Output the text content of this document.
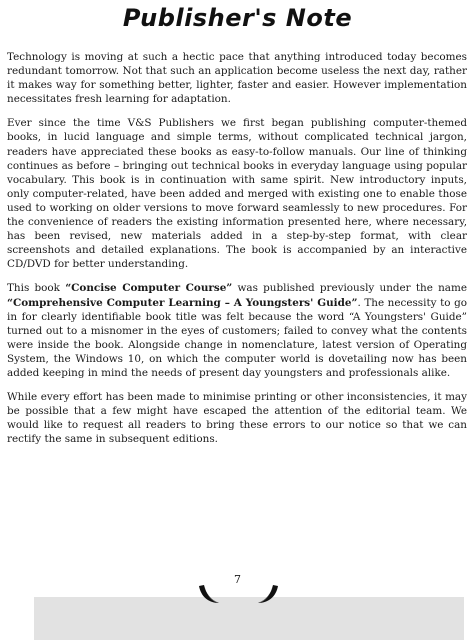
Publisher's Note

Technology is moving at such a hectic pace that anything introduced today becomes redundant tomorrow. Not that such an application become useless the next day, rather it makes way for something better, lighter, faster and easier. However implementation necessitates fresh learning for adaptation.

Ever since the time V&S Publishers we first began publishing computer-themed books, in lucid language and simple terms, without complicated technical jargon, readers have appreciated these books as easy-to-follow manuals. Our line of thinking continues as before – bringing out technical books in everyday language using popular vocabulary. This book is in continuation with same spirit. New introductory inputs, only computer-related, have been added and merged with existing one to enable those used to working on older versions to move forward seamlessly to new procedures. For the convenience of readers the existing information presented here, where necessary, has been revised, new materials added in a step-by-step format, with clear screenshots and detailed explanations. The book is accompanied by an interactive CD/DVD for better understanding.

This book “Concise Computer Course” was published previously under the name “Comprehensive Computer Learning – A Youngsters' Guide”. The necessity to go in for clearly identifiable book title was felt because the word “A Youngsters' Guide” turned out to a misnomer in the eyes of customers; failed to convey what the contents were inside the book. Alongside change in nomenclature, latest version of Operating System, the Windows 10, on which the computer world is dovetailing now has been added keeping in mind the needs of present day youngsters and professionals alike.

While every effort has been made to minimise printing or other inconsistencies, it may be possible that a few might have escaped the attention of the editorial team. We would like to request all readers to bring these errors to our notice so that we can rectify the same in subsequent editions.

7
